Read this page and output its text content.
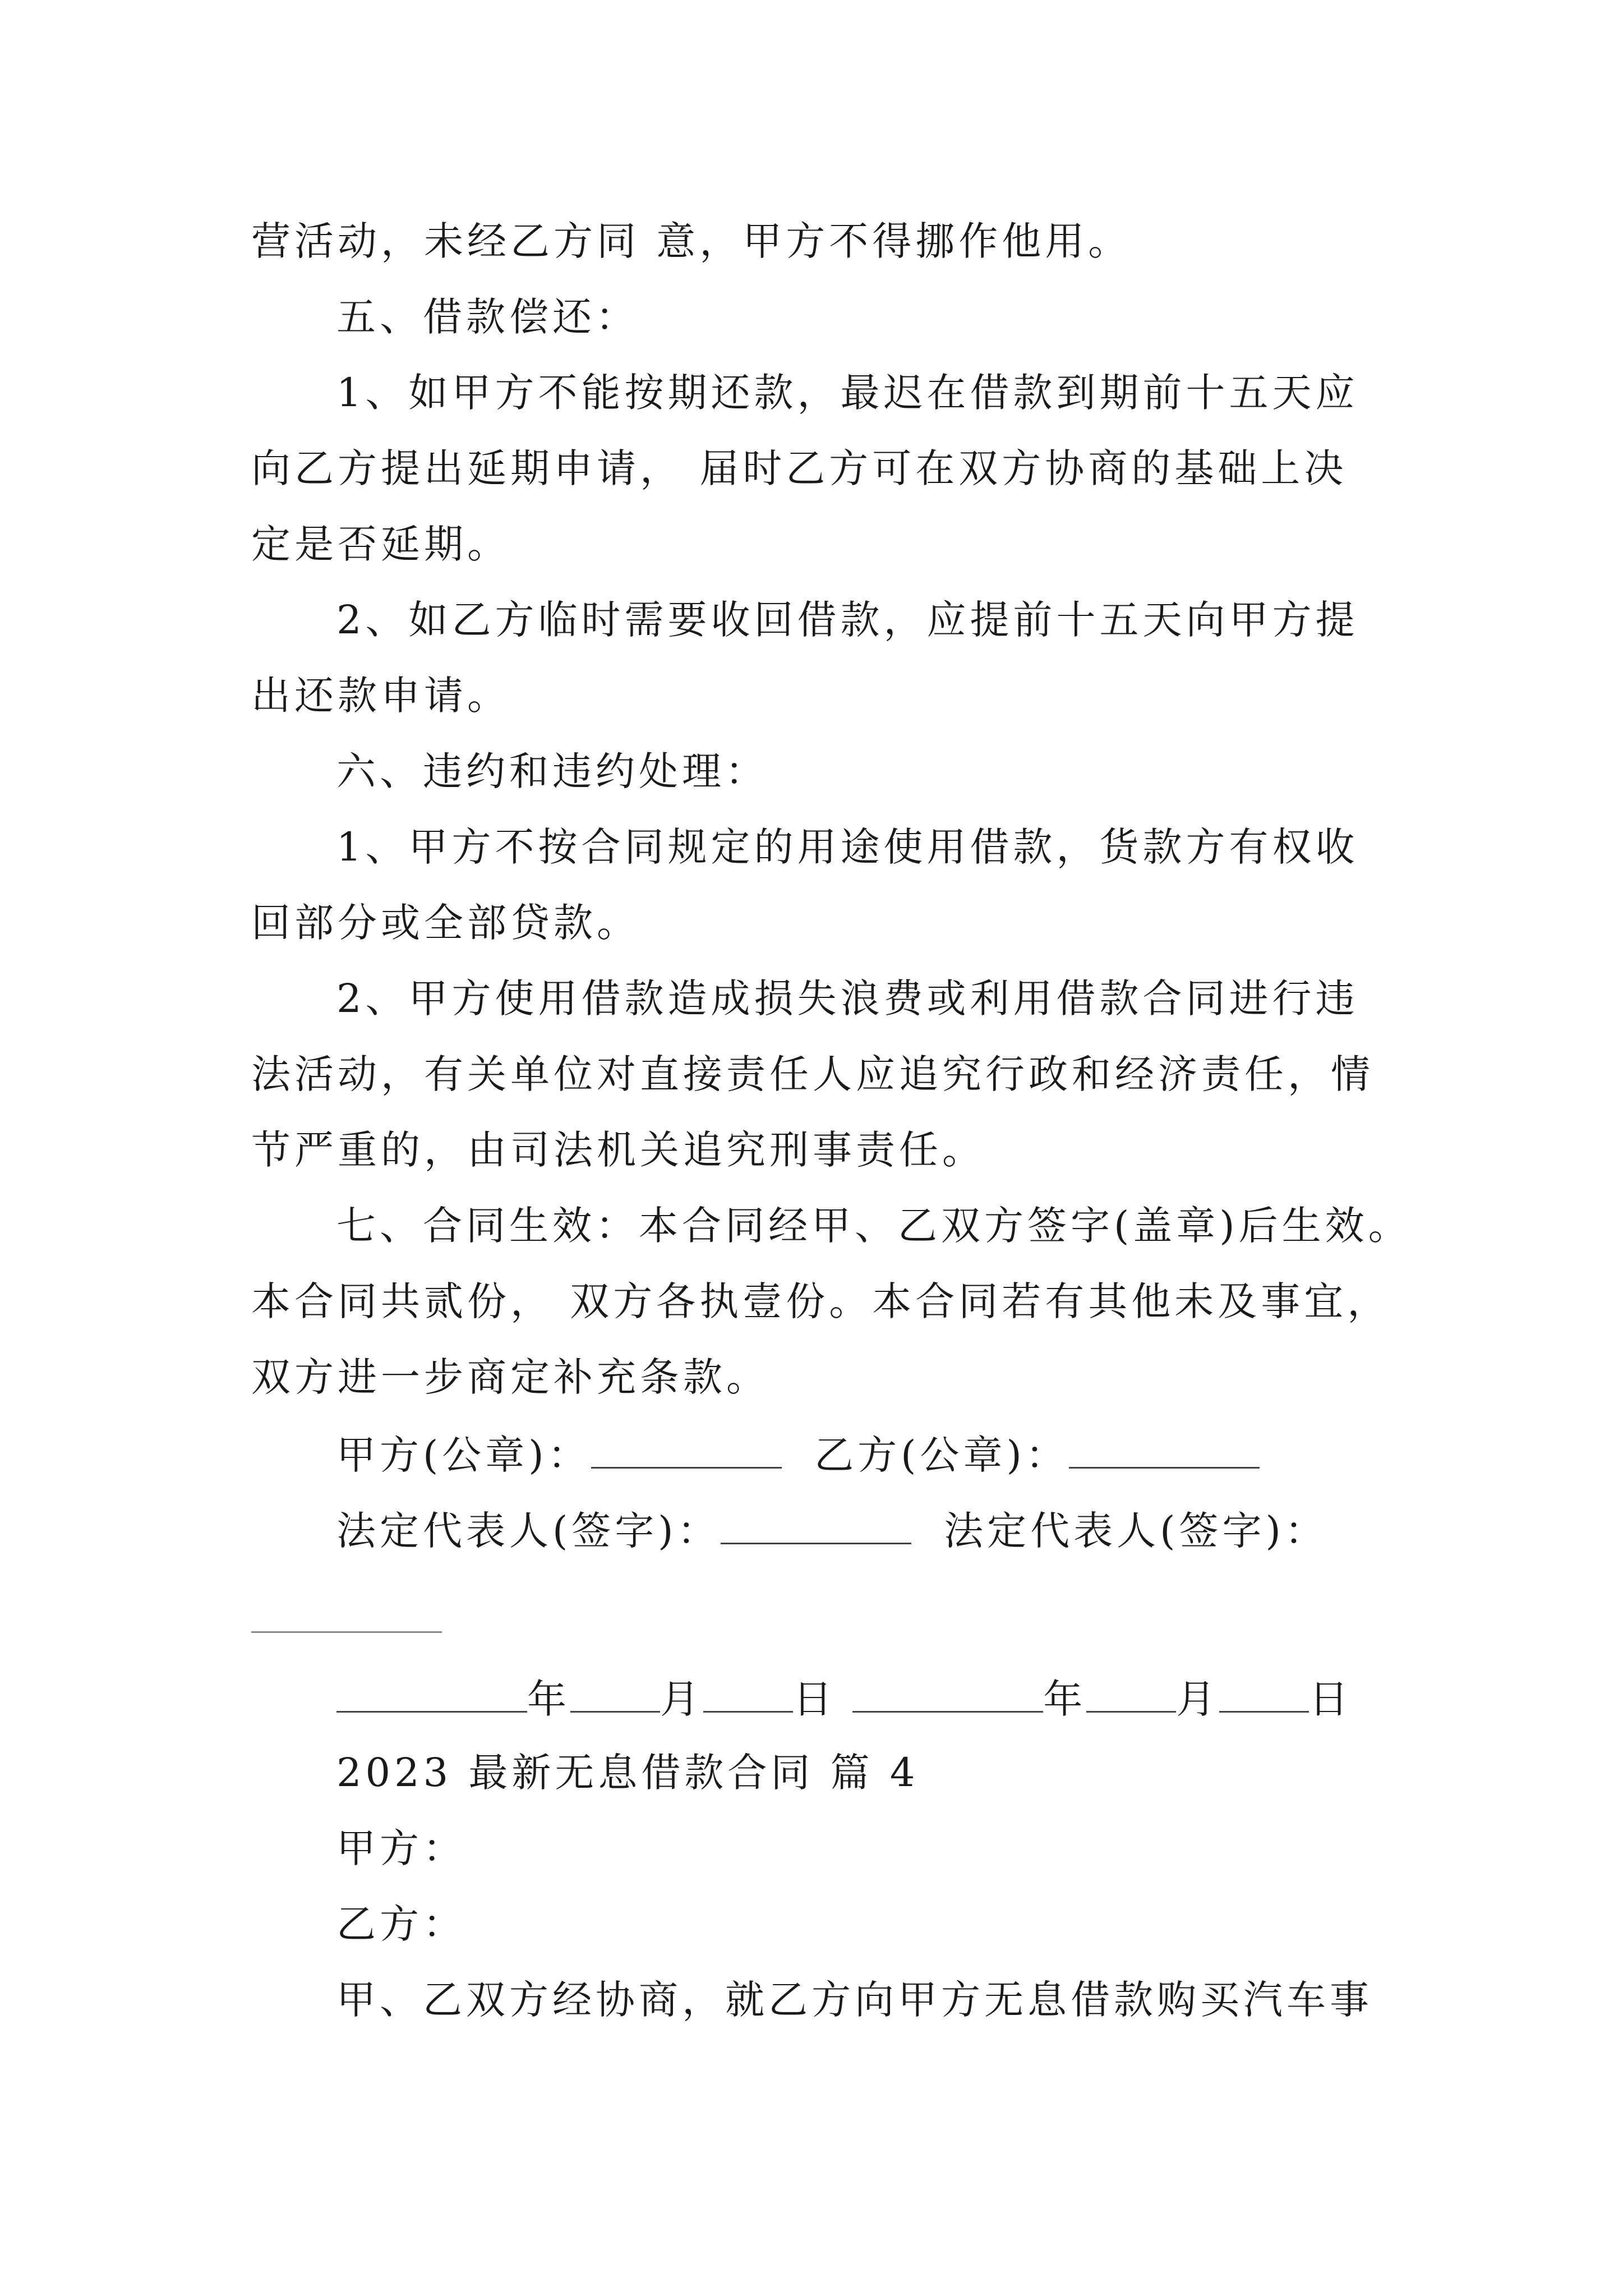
营活动，未经乙方同 意，甲方不得挪作他用。
五、借款偿还：
1、如甲方不能按期还款，最迟在借款到期前十五天应
向乙方提出延期申请， 届时乙方可在双方协商的基础上决
定是否延期。
2、如乙方临时需要收回借款，应提前十五天向甲方提
出还款申请。
六、违约和违约处理：
1、甲方不按合同规定的用途使用借款，货款方有权收
回部分或全部贷款。
2、甲方使用借款造成损失浪费或利用借款合同进行违
法活动，有关单位对直接责任人应追究行政和经济责任，情
节严重的，由司法机关追究刑事责任。
七、合同生效：本合同经甲、乙双方签字(盖章)后生效。
本合同共贰份， 双方各执壹份。本合同若有其他未及事宜，
双方进一步商定补充条款。
甲方(公章)：	乙方(公章)：
法定代表人(签字)：	法定代表人(签字)：
年 月 日	年 月 日
2023 最新无息借款合同 篇 4
甲方：
乙方：
甲、乙双方经协商，就乙方向甲方无息借款购买汽车事
